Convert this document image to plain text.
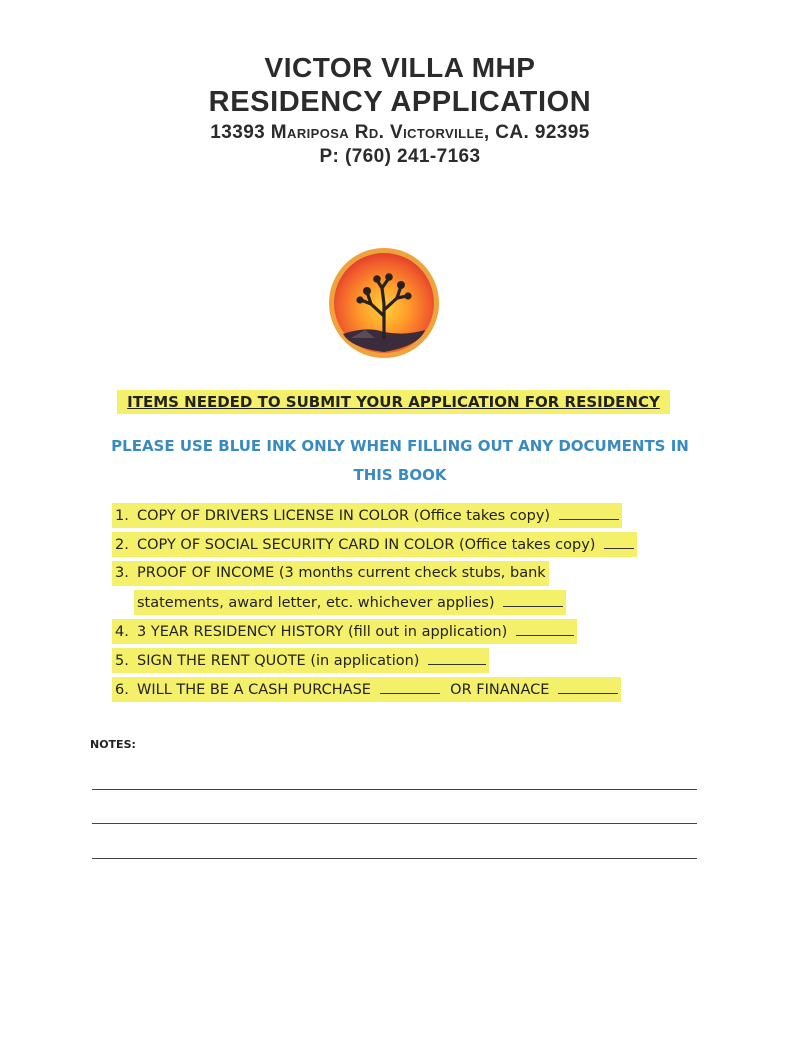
VICTOR VILLA MHP
RESIDENCY APPLICATION
13393 Mariposa Rd. Victorville, CA. 92395
P: (760) 241-7163
ITEMS NEEDED TO SUBMIT YOUR APPLICATION FOR RESIDENCY
PLEASE USE BLUE INK ONLY WHEN FILLING OUT ANY DOCUMENTS IN
THIS BOOK
1. COPY OF DRIVERS LICENSE IN COLOR (Office takes copy)
2. COPY OF SOCIAL SECURITY CARD IN COLOR (Office takes copy)
3. PROOF OF INCOME (3 months current check stubs, bank
statements, award letter, etc. whichever applies)
4. 3 YEAR RESIDENCY HISTORY (fill out in application)
5. SIGN THE RENT QUOTE (in application)
6. WILL THE BE A CASH PURCHASE	OR FINANACE
NOTES:
